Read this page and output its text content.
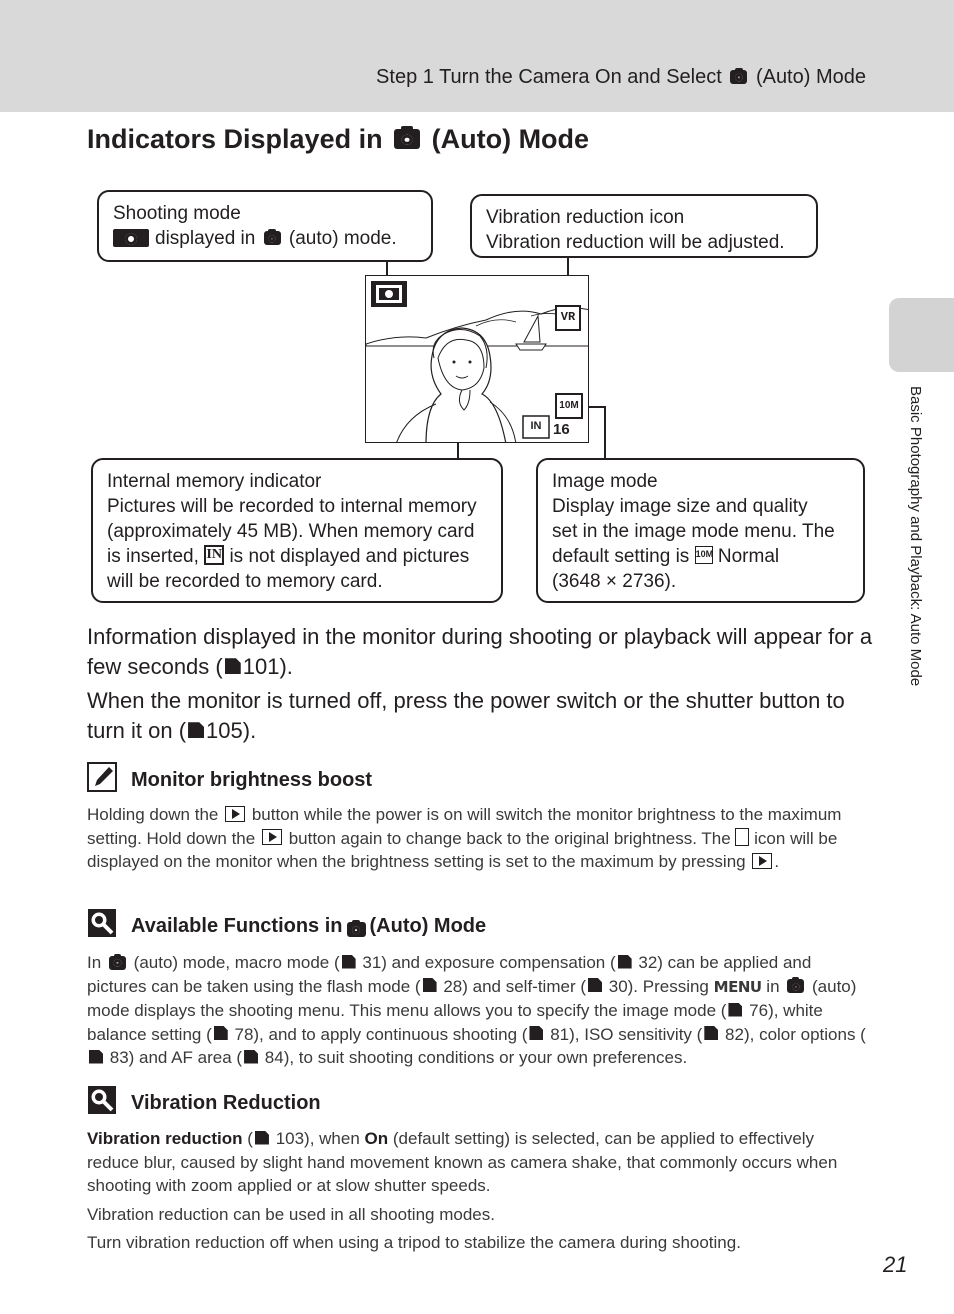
Step 1 Turn the Camera On and Select (Auto) Mode
Basic Photography and Playback: Auto Mode
Indicators Displayed in (Auto) Mode

Shooting mode

displayed in (auto) mode.

Vibration reduction icon

Vibration reduction will be adjusted.

VR
10M
IN 16

Internal memory indicator

Pictures will be recorded to internal memory

(approximately 45 MB). When memory card

is inserted, IN is not displayed and pictures

will be recorded to memory card.

Image mode

Display image size and quality

set in the image mode menu. The

default setting is 10M Normal

(3648 × 2736).

Information displayed in the monitor during shooting or playback will appear for a few seconds ( 101).

When the monitor is turned off, press the power switch or the shutter button to turn it on ( 105).

Monitor brightness boost

Holding down the button while the power is on will switch the monitor brightness to the maximum setting. Hold down the button again to change back to the original brightness. The icon will be displayed on the monitor when the brightness setting is set to the maximum by pressing .

Available Functions in (Auto) Mode

In (auto) mode, macro mode ( 31) and exposure compensation ( 32) can be applied and pictures can be taken using the flash mode ( 28) and self-timer ( 30). Pressing MENU in (auto) mode displays the shooting menu. This menu allows you to specify the image mode ( 76), white balance setting ( 78), and to apply continuous shooting ( 81), ISO sensitivity ( 82), color options ( 83) and AF area ( 84), to suit shooting conditions or your own preferences.

Vibration Reduction

Vibration reduction ( 103), when On (default setting) is selected, can be applied to effectively reduce blur, caused by slight hand movement known as camera shake, that commonly occurs when shooting with zoom applied or at slow shutter speeds.

Vibration reduction can be used in all shooting modes.

Turn vibration reduction off when using a tripod to stabilize the camera during shooting.

21
